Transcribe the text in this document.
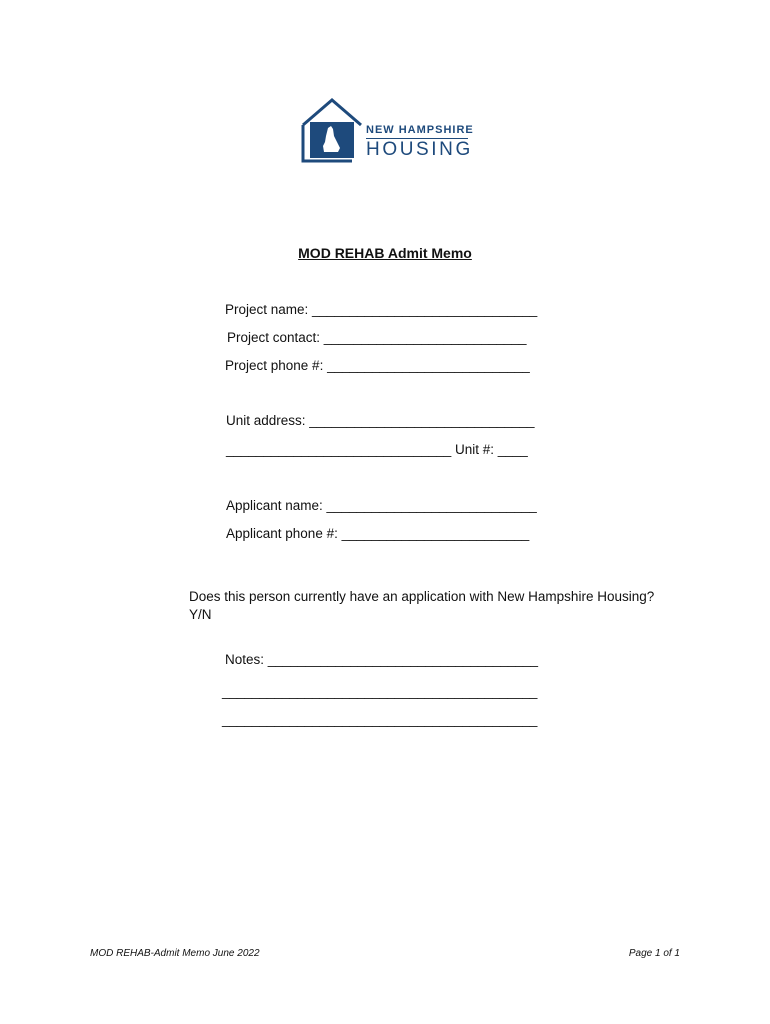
NEW HAMPSHIRE
HOUSING
MOD REHAB Admit Memo
Project name: ______________________________
Project contact: ___________________________
Project phone #: ___________________________
Unit address: ______________________________
______________________________ Unit #: ____
Applicant name: ____________________________
Applicant phone #: _________________________
Does this person currently have an application with New Hampshire Housing?
Y/N
Notes: ____________________________________
__________________________________________
__________________________________________
MOD REHAB-Admit Memo June 2022	Page 1 of 1
